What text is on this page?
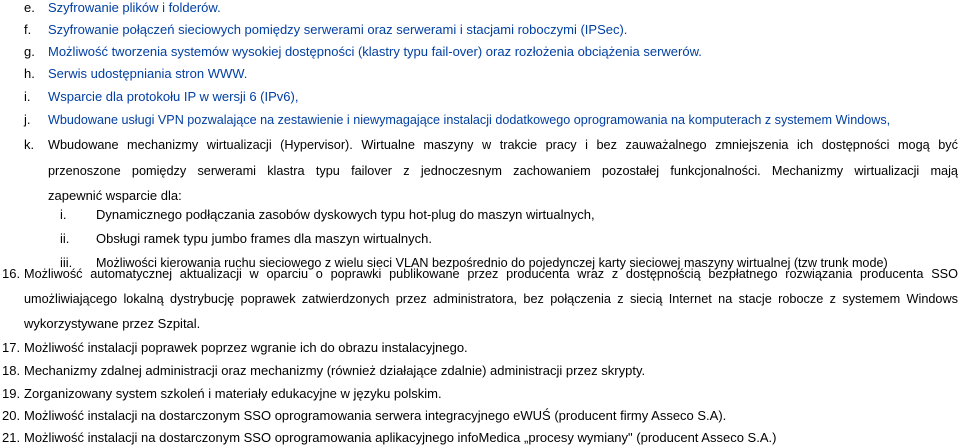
e. Szyfrowanie plików i folderów.
f. Szyfrowanie połączeń sieciowych pomiędzy serwerami oraz serwerami i stacjami roboczymi (IPSec).
g. Możliwość tworzenia systemów wysokiej dostępności (klastry typu fail-over) oraz rozłożenia obciążenia serwerów.
h. Serwis udostępniania stron WWW.
i. Wsparcie dla protokołu IP w wersji 6 (IPv6),
j. Wbudowane usługi VPN pozwalające na zestawienie i niewymagające instalacji dodatkowego oprogramowania na komputerach z systemem Windows,
k. Wbudowane mechanizmy wirtualizacji (Hypervisor). Wirtualne maszyny w trakcie pracy i bez zauważalnego zmniejszenia ich dostępności mogą być
przenoszone pomiędzy serwerami klastra typu failover z jednoczesnym zachowaniem pozostałej funkcjonalności. Mechanizmy wirtualizacji mają
zapewnić wsparcie dla:
i. Dynamicznego podłączania zasobów dyskowych typu hot-plug do maszyn wirtualnych,
ii. Obsługi ramek typu jumbo frames dla maszyn wirtualnych.
iii. Możliwości kierowania ruchu sieciowego z wielu sieci VLAN bezpośrednio do pojedynczej karty sieciowej maszyny wirtualnej (tzw trunk mode)
16. Możliwość automatycznej aktualizacji w oparciu o poprawki publikowane przez producenta wraz z dostępnością bezpłatnego rozwiązania producenta SSO
umożliwiającego lokalną dystrybucję poprawek zatwierdzonych przez administratora, bez połączenia z siecią Internet na stacje robocze z systemem Windows
wykorzystywane przez Szpital.
17. Możliwość instalacji poprawek poprzez wgranie ich do obrazu instalacyjnego.
18. Mechanizmy zdalnej administracji oraz mechanizmy (również działające zdalnie) administracji przez skrypty.
19. Zorganizowany system szkoleń i materiały edukacyjne w języku polskim.
20. Możliwość instalacji na dostarczonym SSO oprogramowania serwera integracyjnego eWUŚ (producent firmy Asseco S.A).
21. Możliwość instalacji na dostarczonym SSO oprogramowania aplikacyjnego infoMedica „procesy wymiany" (producent Asseco S.A.)
